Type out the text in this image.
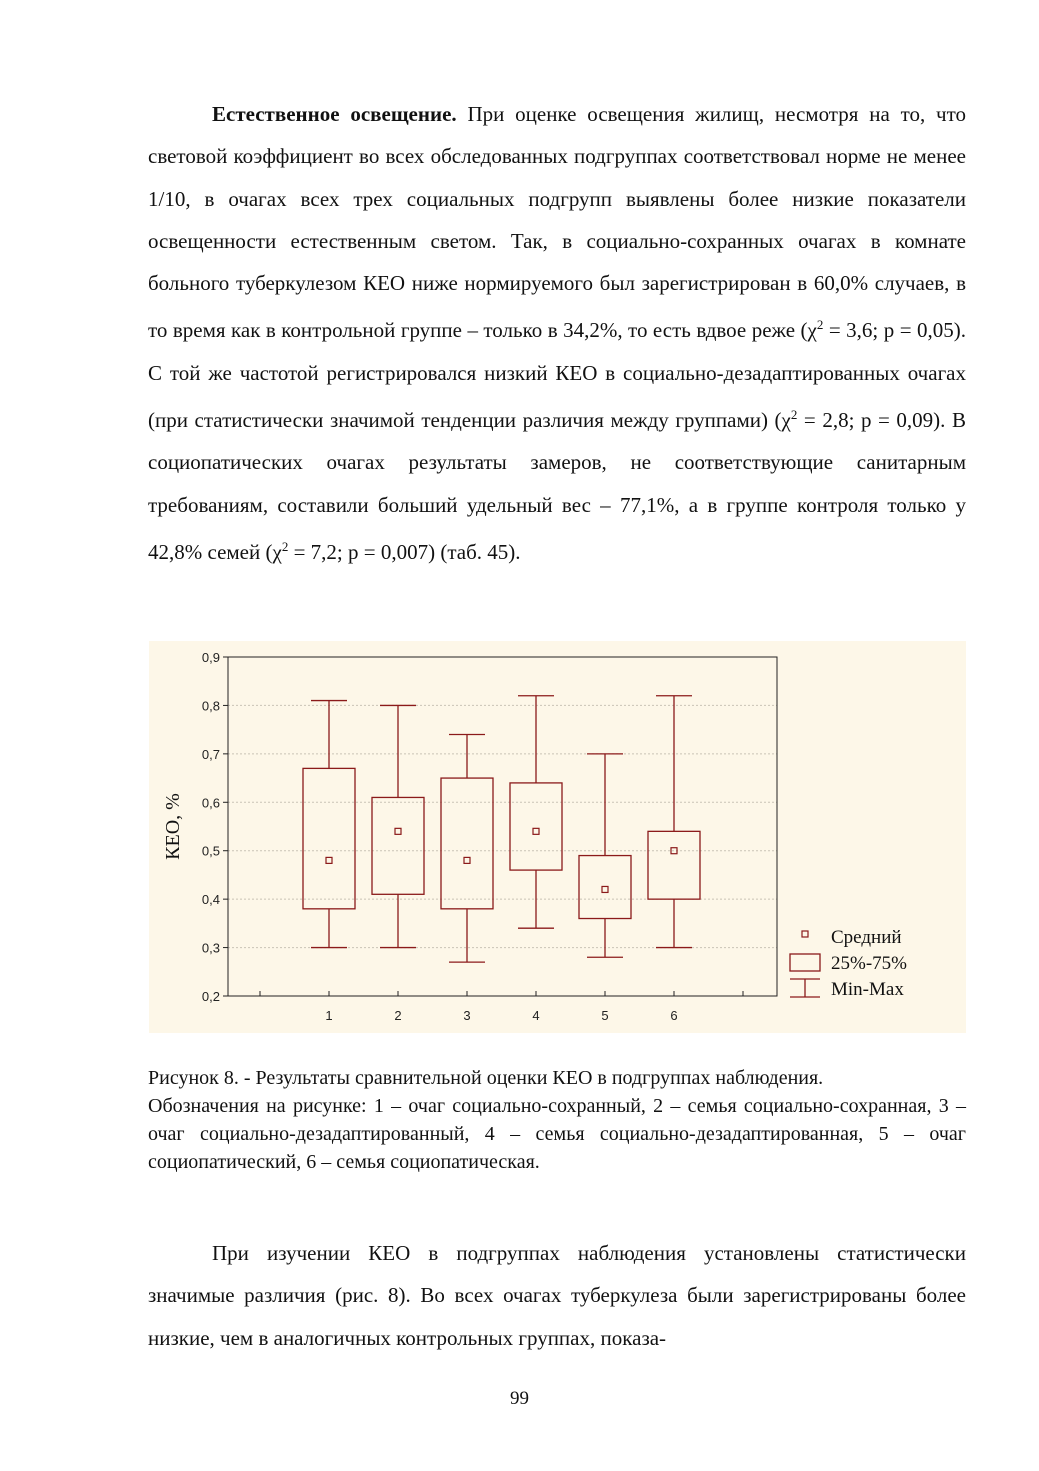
Естественное освещение. При оценке освещения жилищ, несмотря на то, что световой коэффициент во всех обследованных подгруппах соответствовал норме не менее 1/10, в очагах всех трех социальных подгрупп выявлены более низкие показатели освещенности естественным светом. Так, в социально-сохранных очагах в комнате больного туберкулезом КЕО ниже нормируемого был зарегистрирован в 60,0% случаев, в то время как в контрольной группе – только в 34,2%, то есть вдвое реже ($\chi^2 = 3,6$; р = 0,05). С той же частотой регистрировался низкий КЕО в социально-дезадаптированных очагах (при статистически значимой тенденции различия между группами) ($\chi^2 = 2,8$; р = 0,09). В социопатических очагах результаты замеров, не соответствующие санитарным требованиям, составили больший удельный вес – 77,1%, а в группе контроля только у 42,8% семей ($\chi^2 = 7,2$; р = 0,007) (таб. 45).

0,2
0,3
0,4
0,5
0,6
0,7
0,8
0,9
КЕО, %
1	2	3	4	5	6
Средний
25%-75%
Min-Max

Рисунок 8. - Результаты сравнительной оценки КЕО в подгруппах наблюдения.

Обозначения на рисунке: 1 – очаг социально-сохранный, 2 – семья социально-сохранная, 3 – очаг социально-дезадаптированный, 4 – семья социально-дезадаптированная, 5 – очаг социопатический, 6 – семья социопатическая.

При изучении КЕО в подгруппах наблюдения установлены статистически значимые различия (рис. 8). Во всех очагах туберкулеза были зарегистрированы более низкие, чем в аналогичных контрольных группах, показа-

99
